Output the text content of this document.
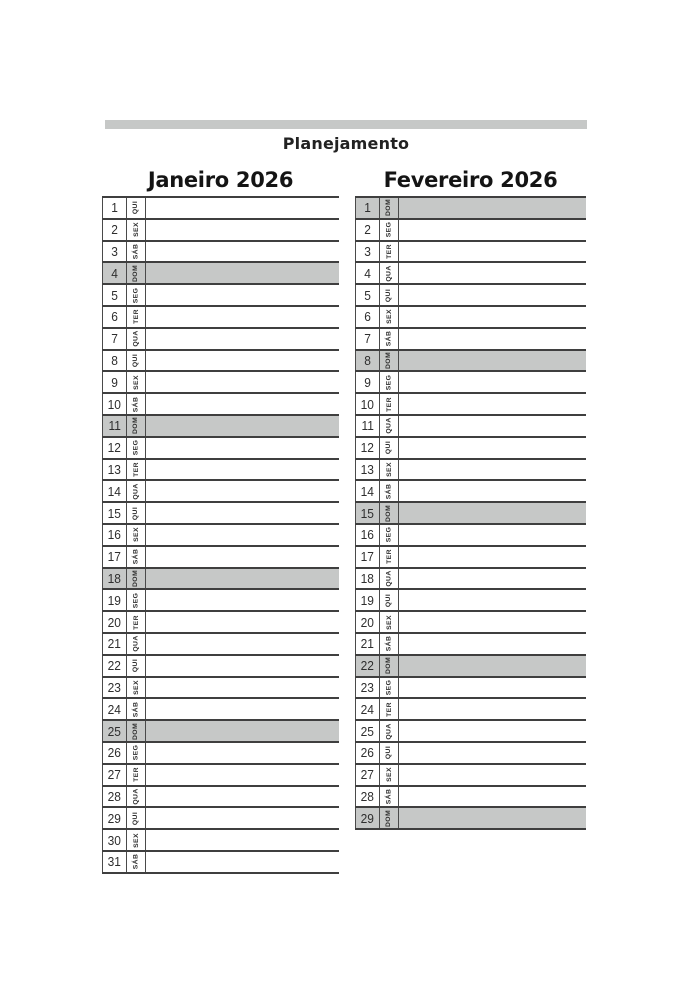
Planejamento
Janeiro 2026
1 QUI
2 SEX
3 SÁB
4 DOM
5 SEG
6 TER
7 QUA
8 QUI
9 SEX
10 SÁB
11 DOM
12 SEG
13 TER
14 QUA
15 QUI
16 SEX
17 SÁB
18 DOM
19 SEG
20 TER
21 QUA
22 QUI
23 SEX
24 SÁB
25 DOM
26 SEG
27 TER
28 QUA
29 QUI
30 SEX
31 SÁB
Fevereiro 2026
1 DOM
2 SEG
3 TER
4 QUA
5 QUI
6 SEX
7 SÁB
8 DOM
9 SEG
10 TER
11 QUA
12 QUI
13 SEX
14 SÁB
15 DOM
16 SEG
17 TER
18 QUA
19 QUI
20 SEX
21 SÁB
22 DOM
23 SEG
24 TER
25 QUA
26 QUI
27 SEX
28 SÁB
29 DOM
